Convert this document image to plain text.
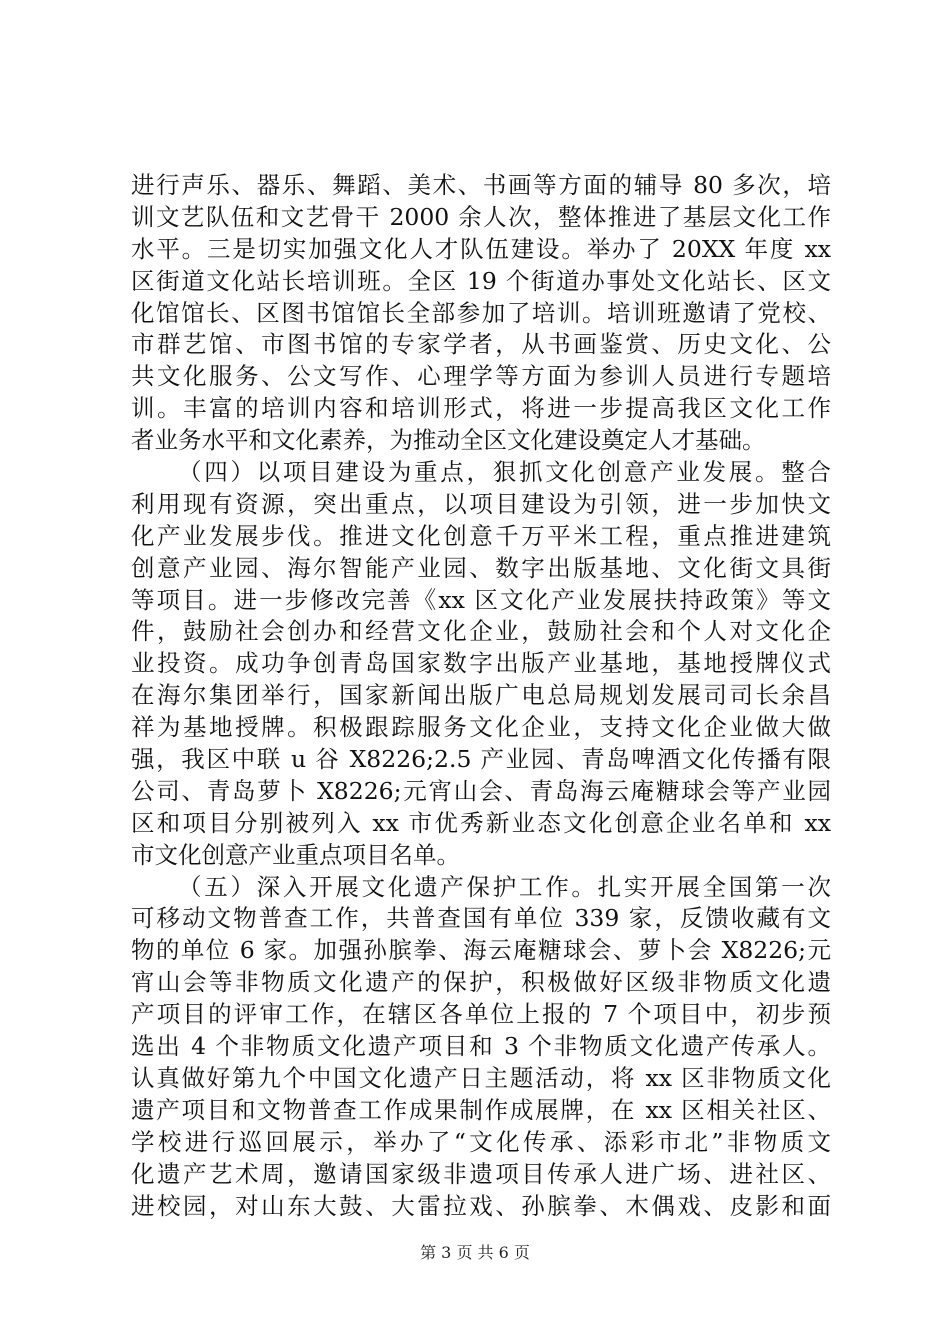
进行声乐、器乐、舞蹈、美术、书画等方面的辅导 80 多次，培
训文艺队伍和文艺骨干 2000 余人次，整体推进了基层文化工作
水平。三是切实加强文化人才队伍建设。举办了 20XX 年度 xx
区街道文化站长培训班。全区 19 个街道办事处文化站长、区文
化馆馆长、区图书馆馆长全部参加了培训。培训班邀请了党校、
市群艺馆、市图书馆的专家学者，从书画鉴赏、历史文化、公
共文化服务、公文写作、心理学等方面为参训人员进行专题培
训。丰富的培训内容和培训形式，将进一步提高我区文化工作
者业务水平和文化素养，为推动全区文化建设奠定人才基础。
（四）以项目建设为重点，狠抓文化创意产业发展。整合
利用现有资源，突出重点，以项目建设为引领，进一步加快文
化产业发展步伐。推进文化创意千万平米工程，重点推进建筑
创意产业园、海尔智能产业园、数字出版基地、文化街文具街
等项目。进一步修改完善《xx 区文化产业发展扶持政策》等文
件，鼓励社会创办和经营文化企业，鼓励社会和个人对文化企
业投资。成功争创青岛国家数字出版产业基地，基地授牌仪式
在海尔集团举行，国家新闻出版广电总局规划发展司司长余昌
祥为基地授牌。积极跟踪服务文化企业，支持文化企业做大做
强，我区中联 u 谷 X8226;2.5 产业园、青岛啤酒文化传播有限
公司、青岛萝卜 X8226;元宵山会、青岛海云庵糖球会等产业园
区和项目分别被列入 xx 市优秀新业态文化创意企业名单和 xx
市文化创意产业重点项目名单。
（五）深入开展文化遗产保护工作。扎实开展全国第一次
可移动文物普查工作，共普查国有单位 339 家，反馈收藏有文
物的单位 6 家。加强孙膑拳、海云庵糖球会、萝卜会 X8226;元
宵山会等非物质文化遗产的保护，积极做好区级非物质文化遗
产项目的评审工作，在辖区各单位上报的 7 个项目中，初步预
选出 4 个非物质文化遗产项目和 3 个非物质文化遗产传承人。
认真做好第九个中国文化遗产日主题活动，将 xx 区非物质文化
遗产项目和文物普查工作成果制作成展牌，在 xx 区相关社区、
学校进行巡回展示，举办了“文化传承、添彩市北”非物质文
化遗产艺术周，邀请国家级非遗项目传承人进广场、进社区、
进校园，对山东大鼓、大雷拉戏、孙膑拳、木偶戏、皮影和面
第 3 页 共 6 页
